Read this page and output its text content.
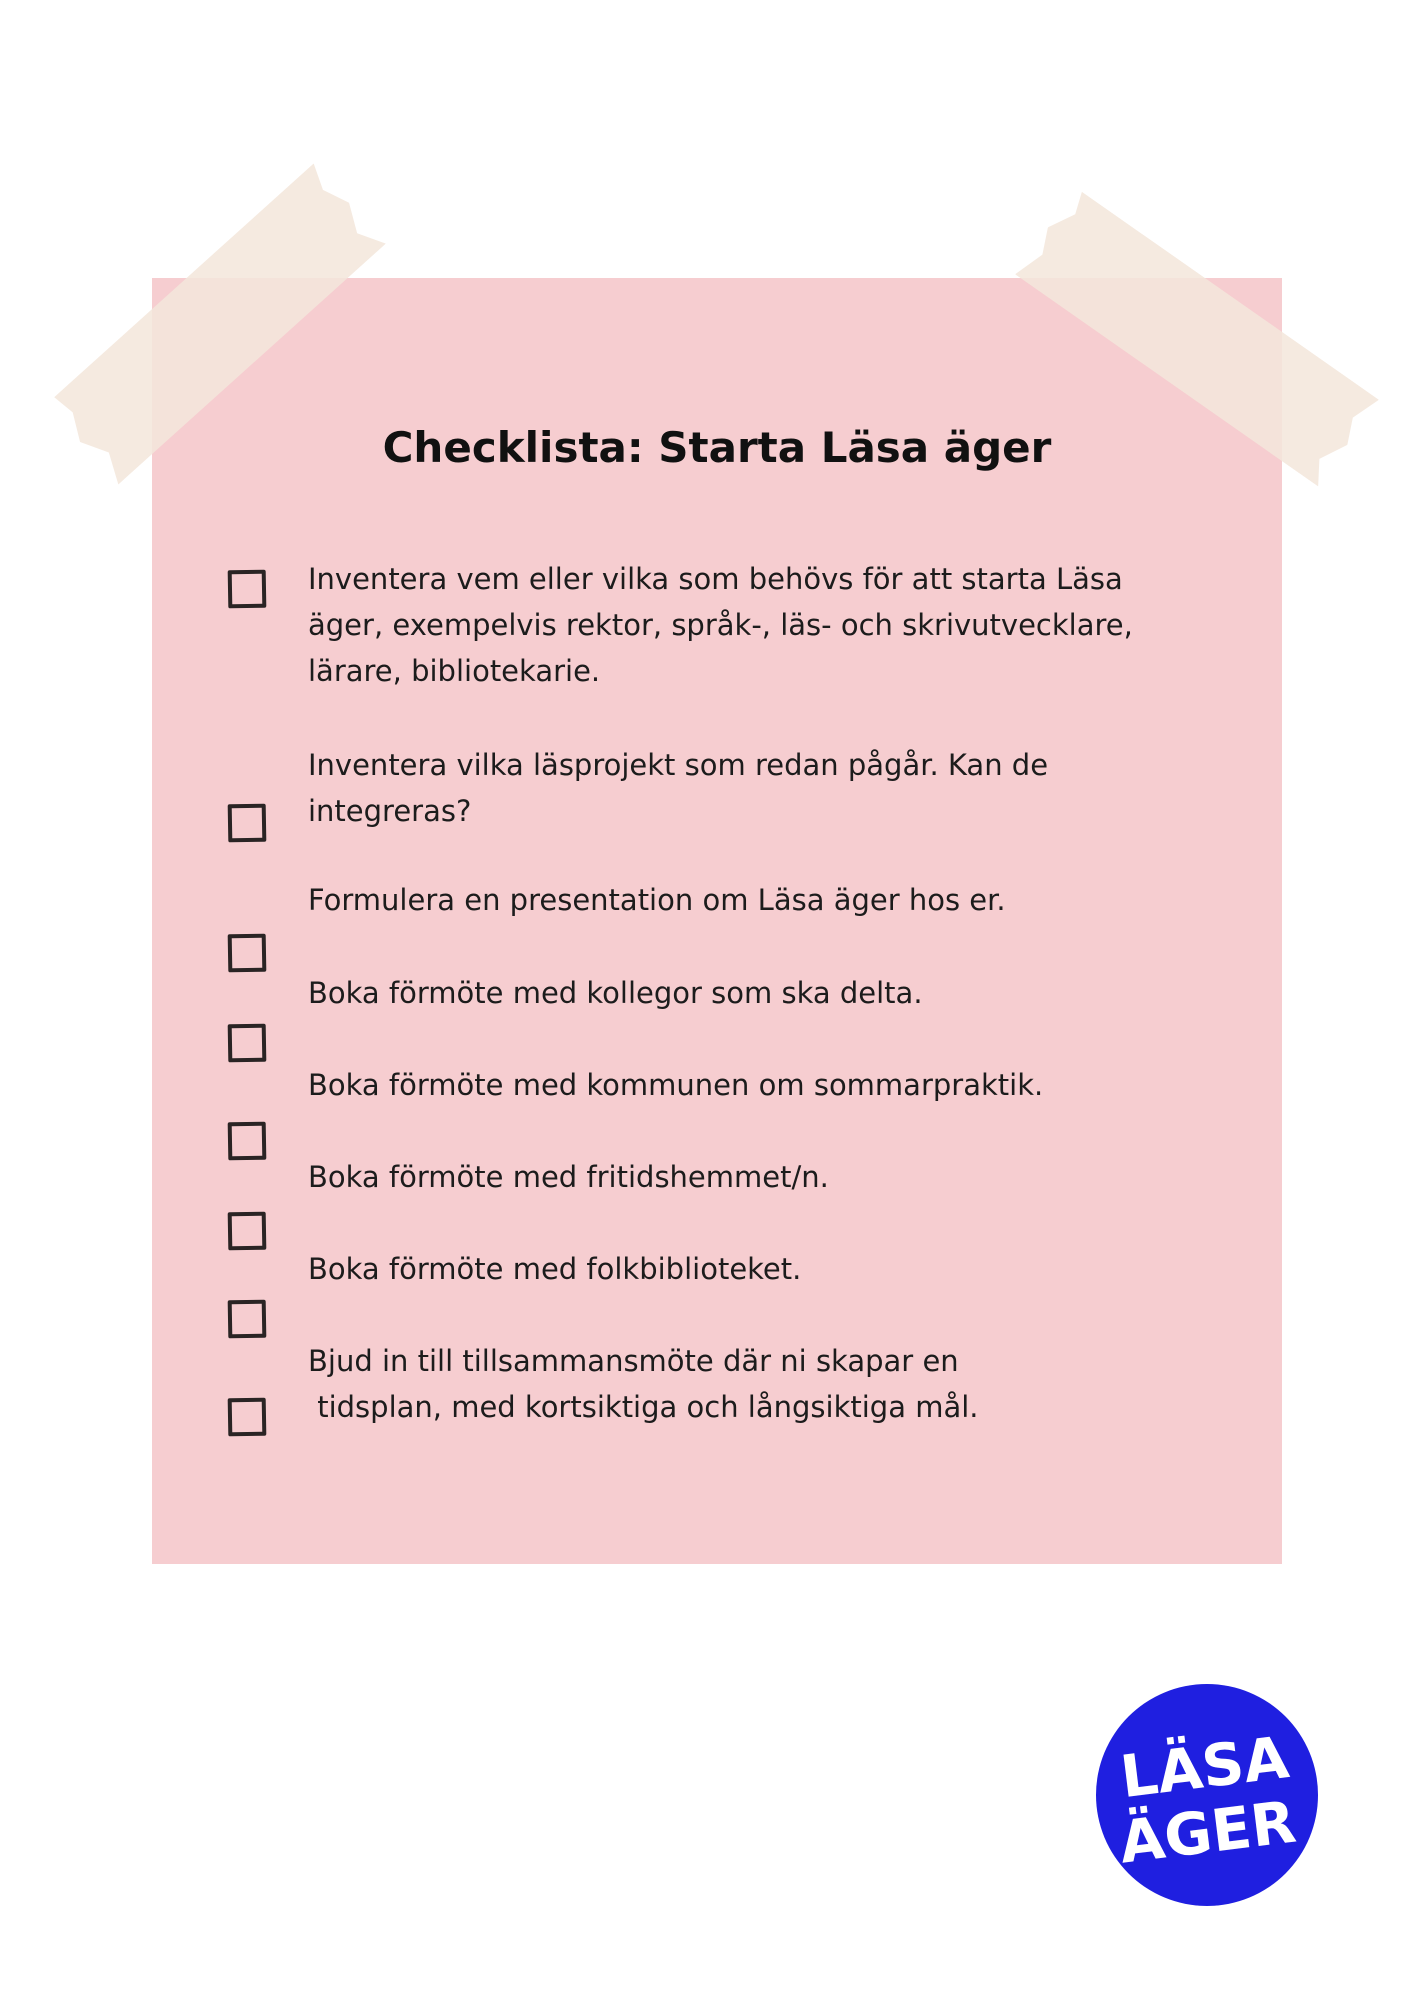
Checklista: Starta Läsa äger

Inventera vem eller vilka som behövs för att starta Läsa äger, exempelvis rektor, språk-, läs- och skrivutvecklare, lärare, bibliotekarie.

Inventera vilka läsprojekt som redan pågår. Kan de integreras?

Formulera en presentation om Läsa äger hos er.

Boka förmöte med kollegor som ska delta.

Boka förmöte med kommunen om sommarpraktik.

Boka förmöte med fritidshemmet/n.

Boka förmöte med folkbiblioteket.

Bjud in till tillsammansmöte där ni skapar en
tidsplan, med kortsiktiga och långsiktiga mål.

LÄSA
ÄGER
